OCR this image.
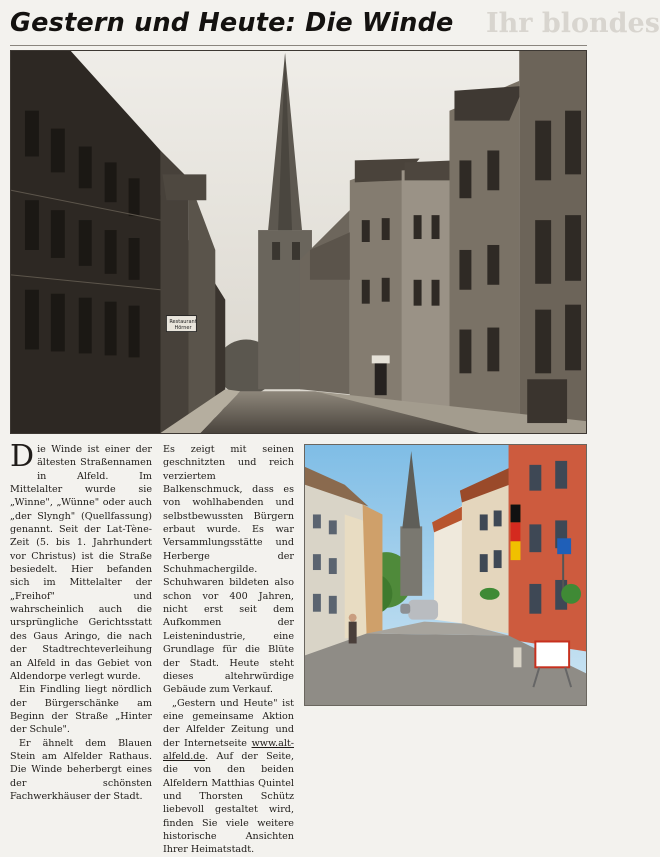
Gestern und Heute: Die Winde	Ihr blondes
Restaurant Hörner

Die Winde ist einer der ältesten Straßennamen in Alfeld. Im Mittelalter wurde sie „Winne", „Wünne" oder auch „der Slyngh" (Quellfassung) genannt. Seit der Lat-Tène-Zeit (5. bis 1. Jahrhundert vor Christus) ist die Straße besiedelt. Hier befanden sich im Mittelalter der „Freihof" und wahrscheinlich auch die ursprüngliche Gerichtsstatt des Gaus Aringo, die nach der Stadtrechteverleihung an Alfeld in das Gebiet von Aldendorpe verlegt wurde.

Ein Findling liegt nördlich der Bürgerschänke am Beginn der Straße „Hinter der Schule".

Er ähnelt dem Blauen Stein am Alfelder Rathaus. Die Winde beherbergt eines der schönsten Fachwerkhäuser der Stadt.

Es zeigt mit seinen geschnitzten und reich verziertem Balkenschmuck, dass es von wohlhabenden und selbstbewussten Bürgern erbaut wurde. Es war Versammlungsstätte und Herberge der Schuhmachergilde. Schuhwaren bildeten also schon vor 400 Jahren, nicht erst seit dem Aufkommen der Leistenindustrie, eine Grundlage für die Blüte der Stadt. Heute steht dieses altehrwürdige Gebäude zum Verkauf.

„Gestern und Heute" ist eine gemeinsame Aktion der Alfelder Zeitung und der Internetseite www.alt-alfeld.de. Auf der Seite, die von den beiden Alfeldern Matthias Quintel und Thorsten Schütz liebevoll gestaltet wird, finden Sie viele weitere historische Ansichten Ihrer Heimatstadt.
